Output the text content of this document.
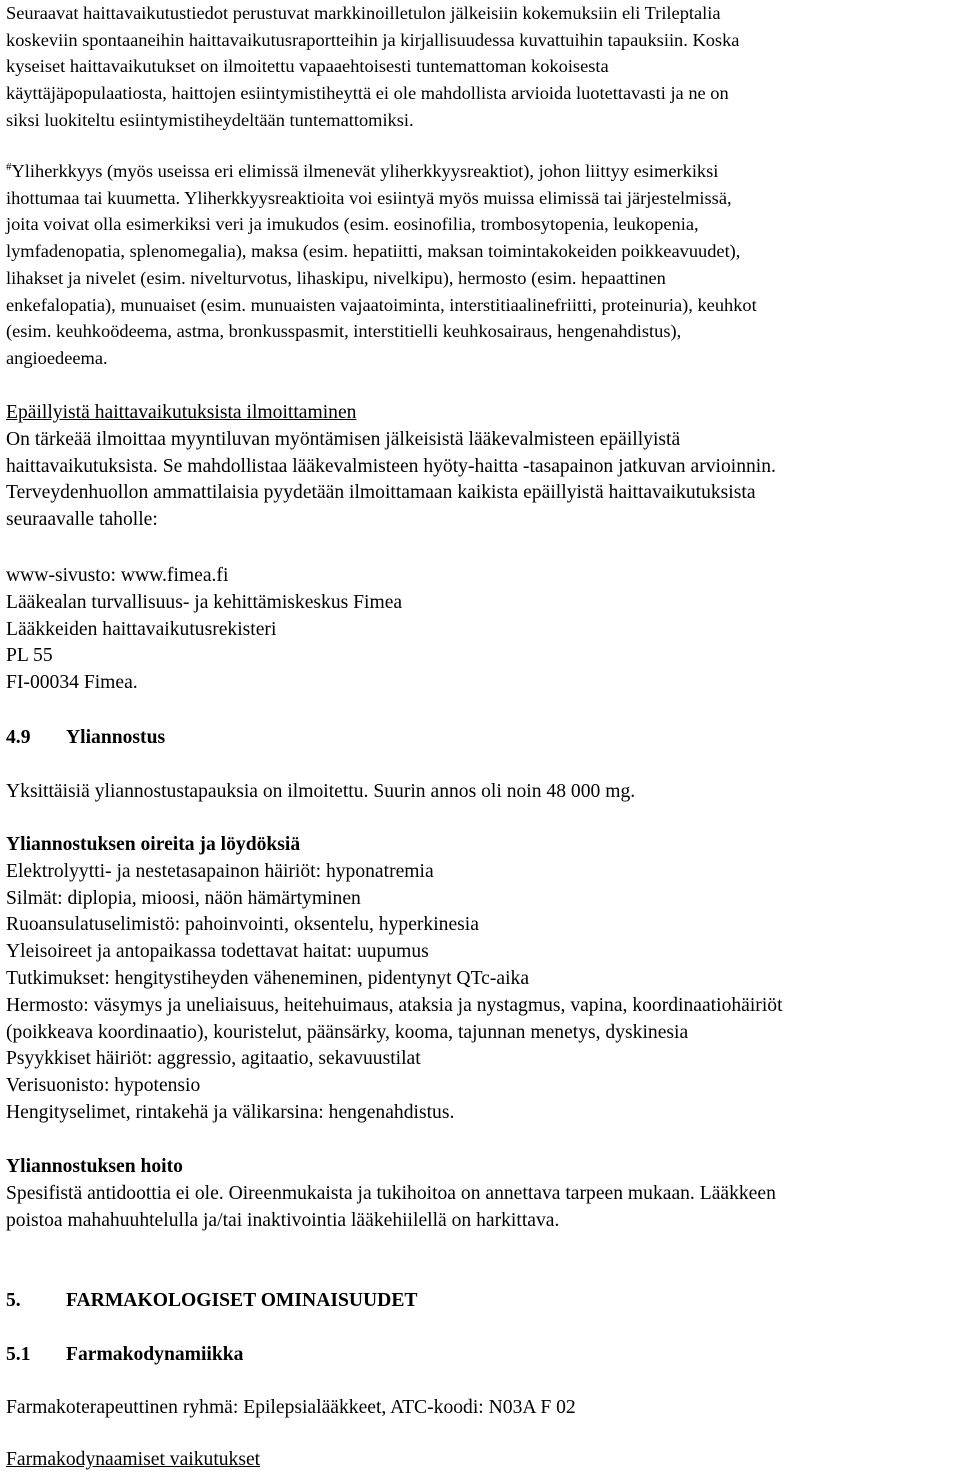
Seuraavat haittavaikutustiedot perustuvat markkinoilletulon jälkeisiin kokemuksiin eli Trileptalia
koskeviin spontaaneihin haittavaikutusraportteihin ja kirjallisuudessa kuvattuihin tapauksiin. Koska
kyseiset haittavaikutukset on ilmoitettu vapaaehtoisesti tuntemattoman kokoisesta
käyttäjäpopulaatiosta, haittojen esiintymistiheyttä ei ole mahdollista arvioida luotettavasti ja ne on
siksi luokiteltu esiintymistiheydeltään tuntemattomiksi.

#Yliherkkyys (myös useissa eri elimissä ilmenevät yliherkkyysreaktiot), johon liittyy esimerkiksi
ihottumaa tai kuumetta. Yliherkkyysreaktioita voi esiintyä myös muissa elimissä tai järjestelmissä,
joita voivat olla esimerkiksi veri ja imukudos (esim. eosinofilia, trombosytopenia, leukopenia,
lymfadenopatia, splenomegalia), maksa (esim. hepatiitti, maksan toimintakokeiden poikkeavuudet),
lihakset ja nivelet (esim. nivelturvotus, lihaskipu, nivelkipu), hermosto (esim. hepaattinen
enkefalopatia), munuaiset (esim. munuaisten vajaatoiminta, interstitiaalinefriitti, proteinuria), keuhkot
(esim. keuhkoödeema, astma, bronkusspasmit, interstitielli keuhkosairaus, hengenahdistus),
angioedeema.

Epäillyistä haittavaikutuksista ilmoittaminen
On tärkeää ilmoittaa myyntiluvan myöntämisen jälkeisistä lääkevalmisteen epäillyistä
haittavaikutuksista. Se mahdollistaa lääkevalmisteen hyöty-haitta -tasapainon jatkuvan arvioinnin.
Terveydenhuollon ammattilaisia pyydetään ilmoittamaan kaikista epäillyistä haittavaikutuksista
seuraavalle taholle:

www-sivusto: www.fimea.fi
Lääkealan turvallisuus- ja kehittämiskeskus Fimea
Lääkkeiden haittavaikutusrekisteri
PL 55
FI-00034 Fimea.

4.9	Yliannostus
Yksittäisiä yliannostustapauksia on ilmoitettu. Suurin annos oli noin 48 000 mg.

Yliannostuksen oireita ja löydöksiä
Elektrolyytti- ja nestetasapainon häiriöt: hyponatremia
Silmät: diplopia, mioosi, näön hämärtyminen
Ruoansulatuselimistö: pahoinvointi, oksentelu, hyperkinesia
Yleisoireet ja antopaikassa todettavat haitat: uupumus
Tutkimukset: hengitystiheyden väheneminen, pidentynyt QTc-aika
Hermosto: väsymys ja uneliaisuus, heitehuimaus, ataksia ja nystagmus, vapina, koordinaatiohäiriöt
(poikkeava koordinaatio), kouristelut, päänsärky, kooma, tajunnan menetys, dyskinesia
Psyykkiset häiriöt: aggressio, agitaatio, sekavuustilat
Verisuonisto: hypotensio
Hengityselimet, rintakehä ja välikarsina: hengenahdistus.

Yliannostuksen hoito
Spesifistä antidoottia ei ole. Oireenmukaista ja tukihoitoa on annettava tarpeen mukaan. Lääkkeen
poistoa mahahuuhtelulla ja/tai inaktivointia lääkehiilellä on harkittava.

5.	FARMAKOLOGISET OMINAISUUDET
5.1	Farmakodynamiikka
Farmakoterapeuttinen ryhmä: Epilepsialääkkeet, ATC-koodi: N03A F 02
Farmakodynaamiset vaikutukset
